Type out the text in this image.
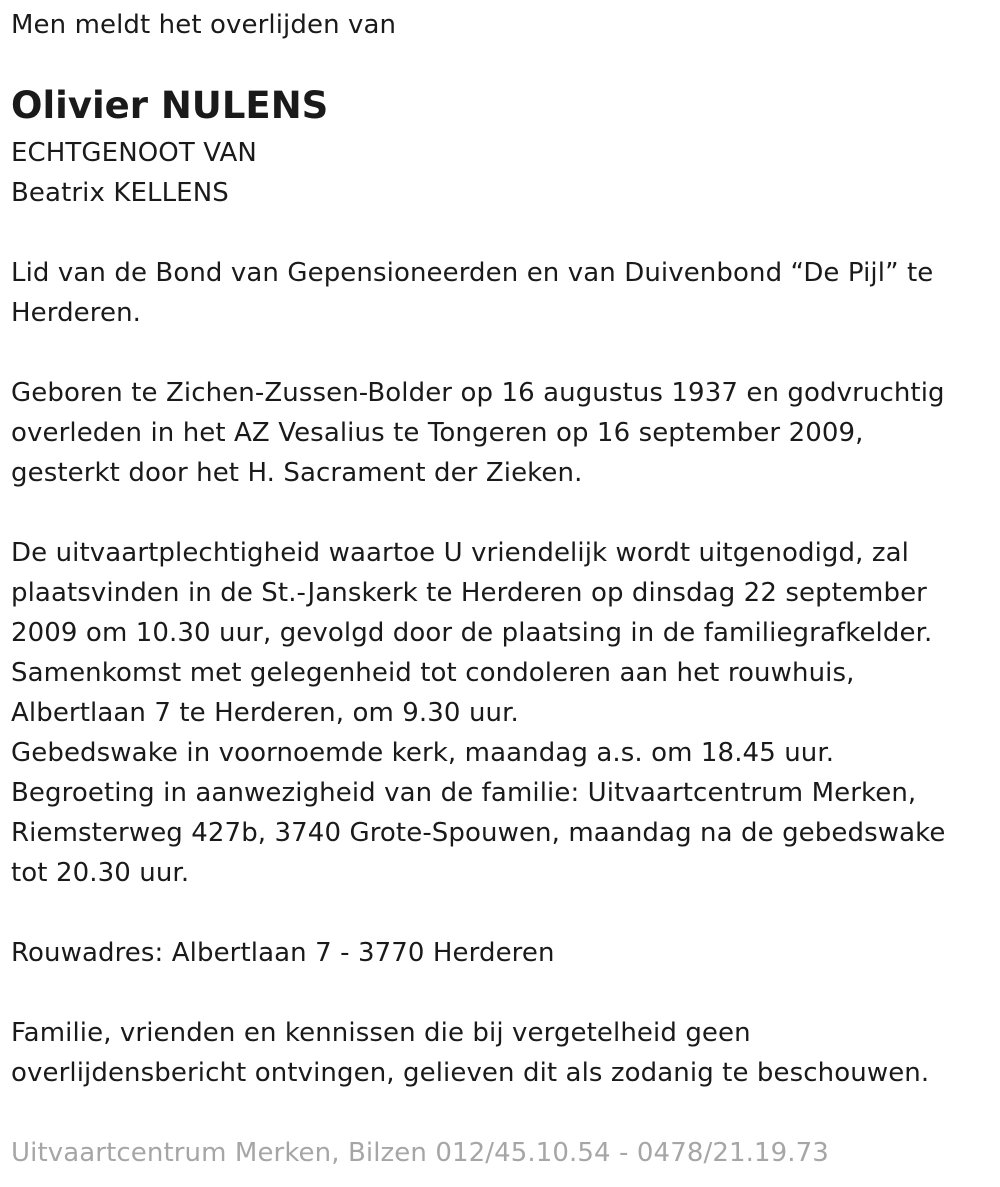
Men meldt het overlijden van
Olivier NULENS
ECHTGENOOT VAN
Beatrix KELLENS
Lid van de Bond van Gepensioneerden en van Duivenbond “De Pijl” te
Herderen.
Geboren te Zichen-Zussen-Bolder op 16 augustus 1937 en godvruchtig
overleden in het AZ Vesalius te Tongeren op 16 september 2009,
gesterkt door het H. Sacrament der Zieken.
De uitvaartplechtigheid waartoe U vriendelijk wordt uitgenodigd, zal
plaatsvinden in de St.-Janskerk te Herderen op dinsdag 22 september
2009 om 10.30 uur, gevolgd door de plaatsing in de familiegrafkelder.
Samenkomst met gelegenheid tot condoleren aan het rouwhuis,
Albertlaan 7 te Herderen, om 9.30 uur.
Gebedswake in voornoemde kerk, maandag a.s. om 18.45 uur.
Begroeting in aanwezigheid van de familie: Uitvaartcentrum Merken,
Riemsterweg 427b, 3740 Grote-Spouwen, maandag na de gebedswake
tot 20.30 uur.
Rouwadres: Albertlaan 7 - 3770 Herderen
Familie, vrienden en kennissen die bij vergetelheid geen
overlijdensbericht ontvingen, gelieven dit als zodanig te beschouwen.
Uitvaartcentrum Merken, Bilzen 012/45.10.54 - 0478/21.19.73
